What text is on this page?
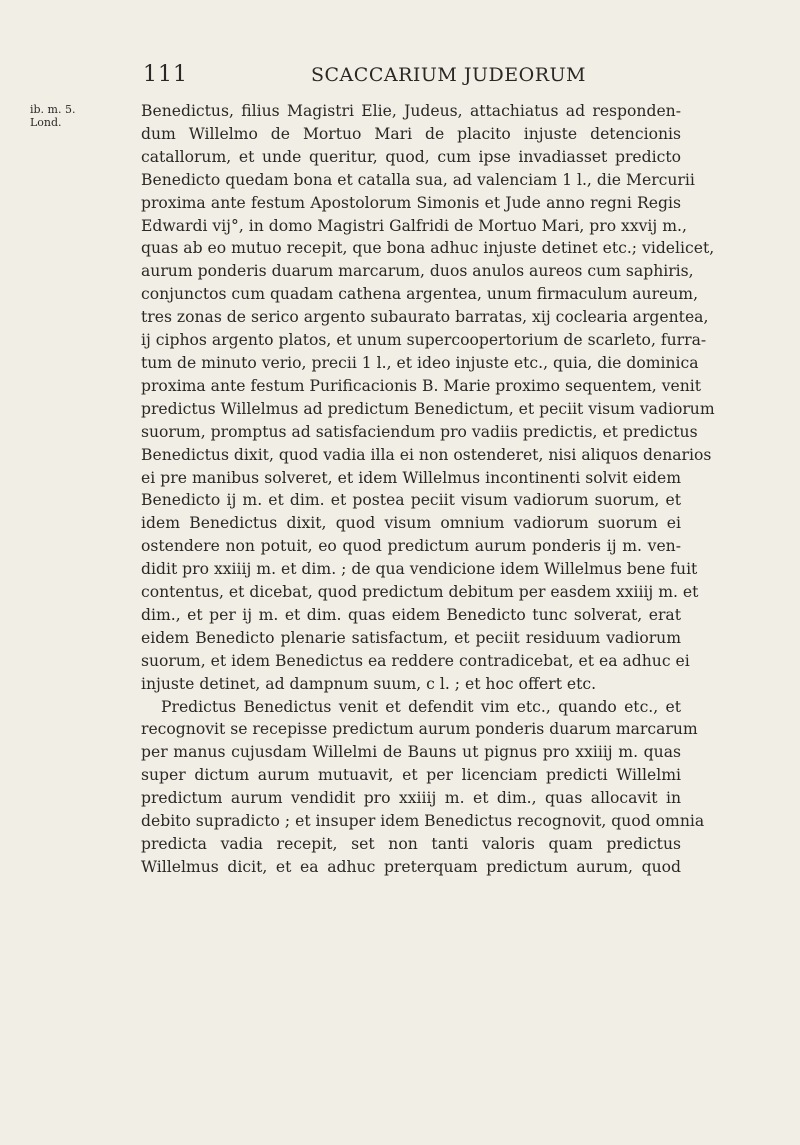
111	SCACCARIUM JUDEORUM
ib. m. 5.
Lond.

Benedictus, filius Magistri Elie, Judeus, attachiatus ad responden-
dum Willelmo de Mortuo Mari de placito injuste detencionis
catallorum, et unde queritur, quod, cum ipse invadiasset predicto
Benedicto quedam bona et catalla sua, ad valenciam 1 l., die Mercurii
proxima ante festum Apostolorum Simonis et Jude anno regni Regis
Edwardi vij°, in domo Magistri Galfridi de Mortuo Mari, pro xxvij m.,
quas ab eo mutuo recepit, que bona adhuc injuste detinet etc.; videlicet,
aurum ponderis duarum marcarum, duos anulos aureos cum saphiris,
conjunctos cum quadam cathena argentea, unum firmaculum aureum,
tres zonas de serico argento subaurato barratas, xij coclearia argentea,
ij ciphos argento platos, et unum supercoopertorium de scarleto, furra-
tum de minuto verio, precii 1 l., et ideo injuste etc., quia, die dominica
proxima ante festum Purificacionis B. Marie proximo sequentem, venit
predictus Willelmus ad predictum Benedictum, et peciit visum vadiorum
suorum, promptus ad satisfaciendum pro vadiis predictis, et predictus
Benedictus dixit, quod vadia illa ei non ostenderet, nisi aliquos denarios
ei pre manibus solveret, et idem Willelmus incontinenti solvit eidem
Benedicto ij m. et dim. et postea peciit visum vadiorum suorum, et
idem Benedictus dixit, quod visum omnium vadiorum suorum ei
ostendere non potuit, eo quod predictum aurum ponderis ij m. ven-
didit pro xxiiij m. et dim. ; de qua vendicione idem Willelmus bene fuit
contentus, et dicebat, quod predictum debitum per easdem xxiiij m. et
dim., et per ij m. et dim. quas eidem Benedicto tunc solverat, erat
eidem Benedicto plenarie satisfactum, et peciit residuum vadiorum
suorum, et idem Benedictus ea reddere contradicebat, et ea adhuc ei
injuste detinet, ad dampnum suum, c l. ; et hoc offert etc.

Predictus Benedictus venit et defendit vim etc., quando etc., et
recognovit se recepisse predictum aurum ponderis duarum marcarum
per manus cujusdam Willelmi de Bauns ut pignus pro xxiiij m. quas
super dictum aurum mutuavit, et per licenciam predicti Willelmi
predictum aurum vendidit pro xxiiij m. et dim., quas allocavit in
debito supradicto ; et insuper idem Benedictus recognovit, quod omnia
predicta vadia recepit, set non tanti valoris quam predictus
Willelmus dicit, et ea adhuc preterquam predictum aurum, quod
